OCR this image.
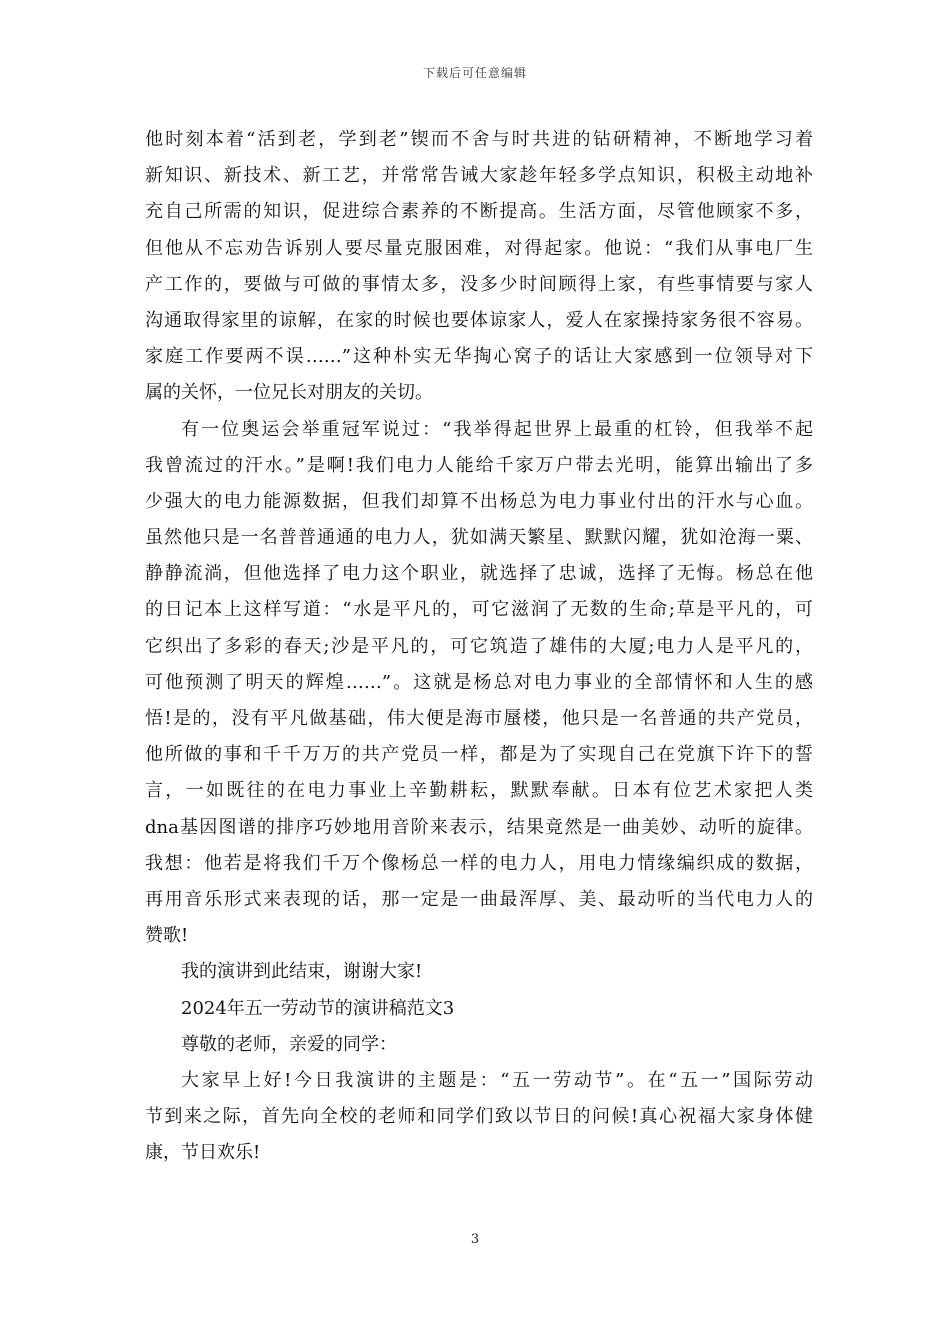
下载后可任意编辑
他时刻本着“活到老，学到老”锲而不舍与时共进的钻研精神，不断地学习着
新知识、新技术、新工艺，并常常告诫大家趁年轻多学点知识，积极主动地补
充自己所需的知识，促进综合素养的不断提高。生活方面，尽管他顾家不多，
但他从不忘劝告诉别人要尽量克服困难，对得起家。他说：“我们从事电厂生
产工作的，要做与可做的事情太多，没多少时间顾得上家，有些事情要与家人
沟通取得家里的谅解，在家的时候也要体谅家人，爱人在家操持家务很不容易。
家庭工作要两不误……”这种朴实无华掏心窝子的话让大家感到一位领导对下
属的关怀，一位兄长对朋友的关切。
有一位奥运会举重冠军说过：“我举得起世界上最重的杠铃，但我举不起
我曾流过的汗水。”是啊!我们电力人能给千家万户带去光明，能算出输出了多
少强大的电力能源数据，但我们却算不出杨总为电力事业付出的汗水与心血。
虽然他只是一名普普通通的电力人，犹如满天繁星、默默闪耀，犹如沧海一粟、
静静流淌，但他选择了电力这个职业，就选择了忠诚，选择了无悔。杨总在他
的日记本上这样写道：“水是平凡的，可它滋润了无数的生命;草是平凡的，可
它织出了多彩的春天;沙是平凡的，可它筑造了雄伟的大厦;电力人是平凡的，
可他预测了明天的辉煌……”。这就是杨总对电力事业的全部情怀和人生的感
悟!是的，没有平凡做基础，伟大便是海市蜃楼，他只是一名普通的共产党员，
他所做的事和千千万万的共产党员一样，都是为了实现自己在党旗下许下的誓
言，一如既往的在电力事业上辛勤耕耘，默默奉献。日本有位艺术家把人类
dna基因图谱的排序巧妙地用音阶来表示，结果竟然是一曲美妙、动听的旋律。
我想：他若是将我们千万个像杨总一样的电力人，用电力情缘编织成的数据，
再用音乐形式来表现的话，那一定是一曲最浑厚、美、最动听的当代电力人的
赞歌!
我的演讲到此结束，谢谢大家!
2024年五一劳动节的演讲稿范文3
尊敬的老师，亲爱的同学：
大家早上好!今日我演讲的主题是：“五一劳动节”。在“五一”国际劳动
节到来之际，首先向全校的老师和同学们致以节日的问候!真心祝福大家身体健
康，节日欢乐!
3
